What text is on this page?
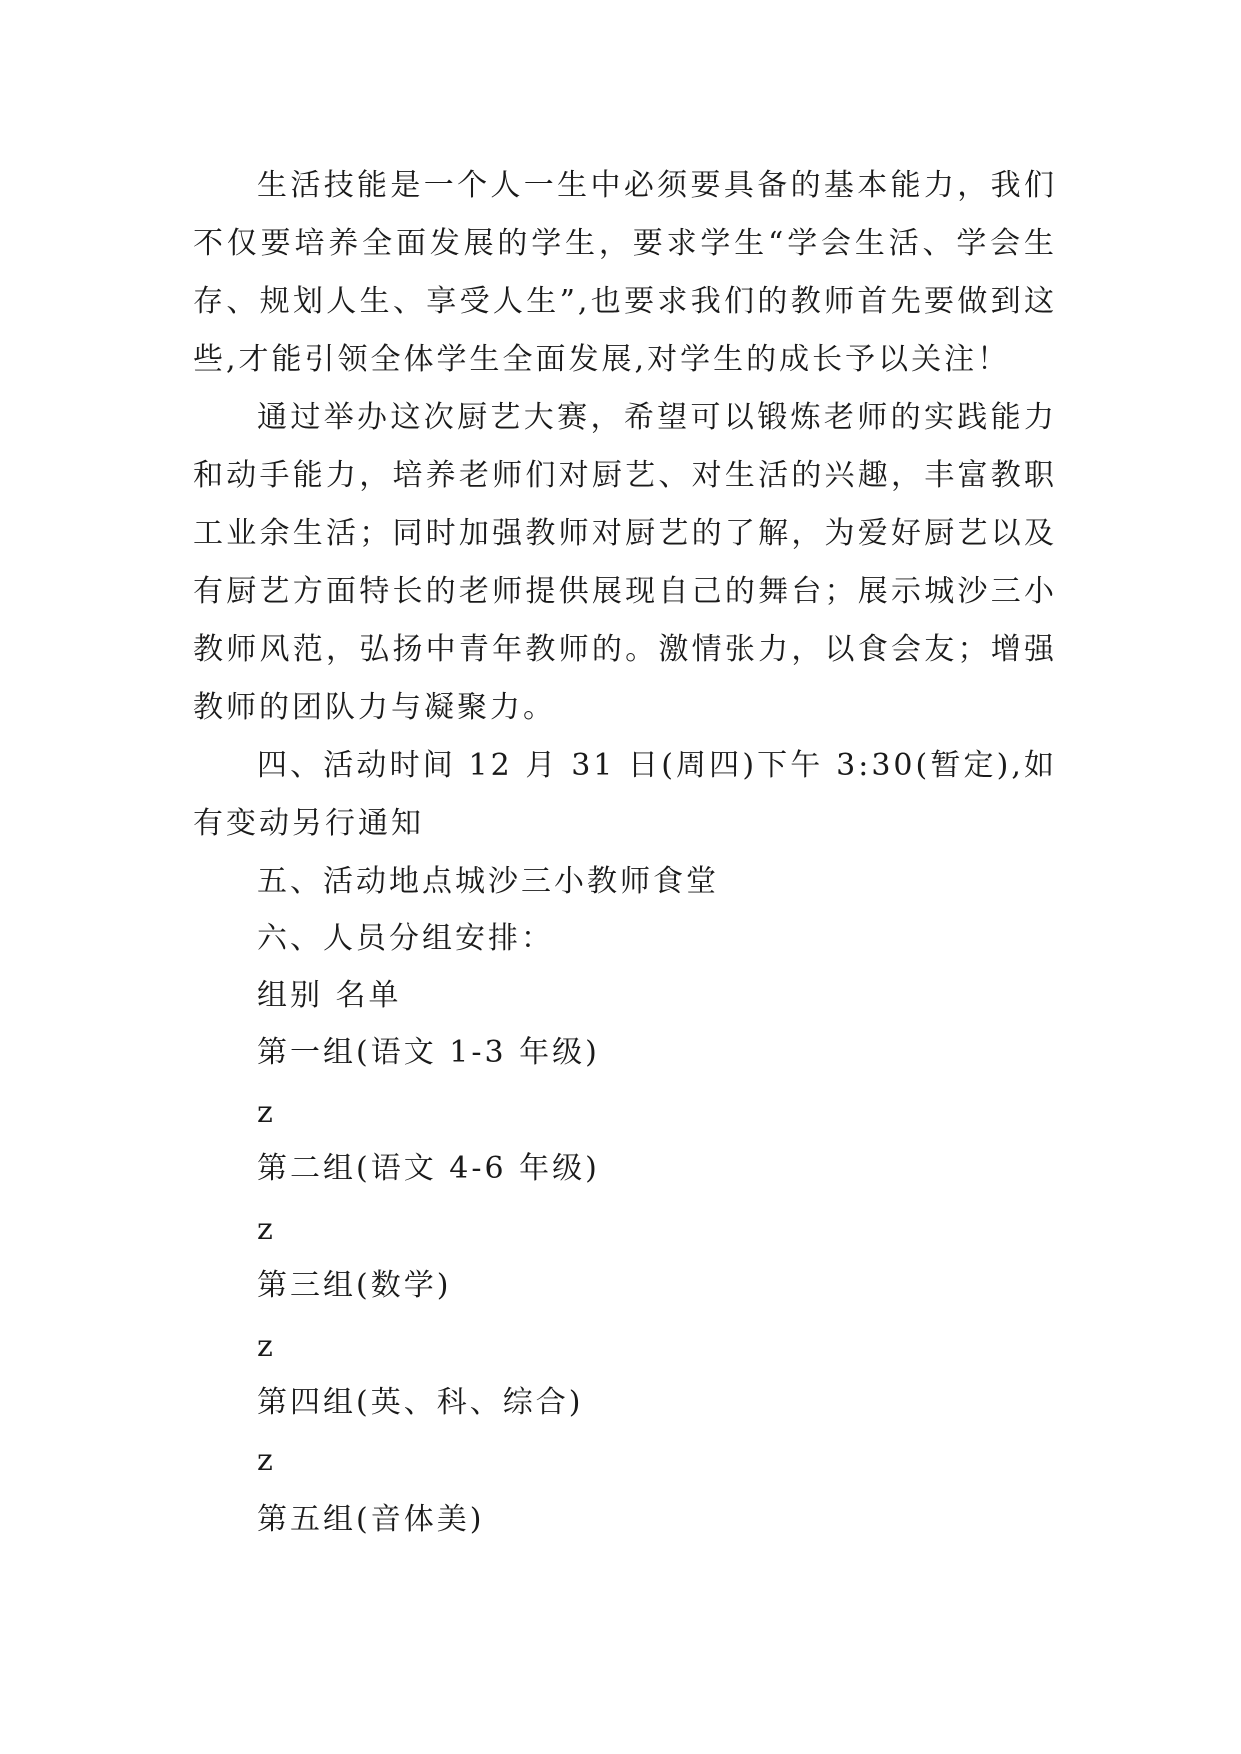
生活技能是一个人一生中必须要具备的基本能力，我们不仅要培养全面发展的学生，要求学生“学会生活、学会生存、规划人生、享受人生”,也要求我们的教师首先要做到这些,才能引领全体学生全面发展,对学生的成长予以关注！

通过举办这次厨艺大赛，希望可以锻炼老师的实践能力和动手能力，培养老师们对厨艺、对生活的兴趣，丰富教职工业余生活；同时加强教师对厨艺的了解，为爱好厨艺以及有厨艺方面特长的老师提供展现自己的舞台；展示城沙三小教师风范，弘扬中青年教师的。激情张力，以食会友；增强教师的团队力与凝聚力。

四、活动时间 12 月 31 日(周四)下午 3:30(暂定),如有变动另行通知

五、活动地点城沙三小教师食堂

六、人员分组安排：

组别 名单

第一组(语文 1-3 年级)

z

第二组(语文 4-6 年级)

z

第三组(数学)

z

第四组(英、科、综合)

z

第五组(音体美)
